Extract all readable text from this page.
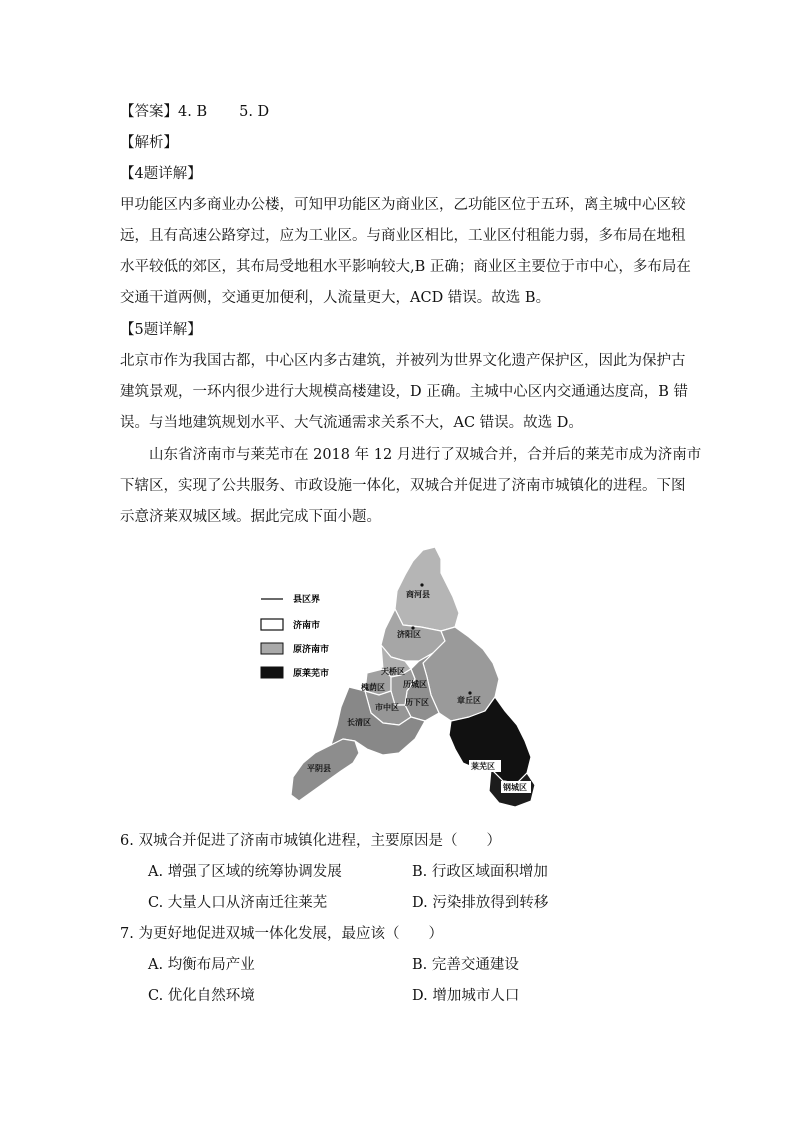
【答案】4. B 5. D
【解析】
【4题详解】
甲功能区内多商业办公楼，可知甲功能区为商业区，乙功能区位于五环，离主城中心区较
远，且有高速公路穿过，应为工业区。与商业区相比，工业区付租能力弱，多布局在地租
水平较低的郊区，其布局受地租水平影响较大,B 正确；商业区主要位于市中心，多布局在
交通干道两侧，交通更加便利，人流量更大，ACD 错误。故选 B。
【5题详解】
北京市作为我国古都，中心区内多古建筑，并被列为世界文化遗产保护区，因此为保护古
建筑景观，一环内很少进行大规模高楼建设，D 正确。主城中心区内交通通达度高，B 错
误。与当地建筑规划水平、大气流通需求关系不大，AC 错误。故选 D。
山东省济南市与莱芜市在 2018 年 12 月进行了双城合并，合并后的莱芜市成为济南市
下辖区，实现了公共服务、市政设施一体化，双城合并促进了济南市城镇化的进程。下图
示意济莱双城区域。据此完成下面小题。
县区界
济南市
原济南市
原莱芜市
商河县
济阳区
天桥区
槐荫区 历城区
历下区
市中区
长清区
章丘区
平阴县	莱芜区
钢城区
6. 双城合并促进了济南市城镇化进程，主要原因是（　　）
A. 增强了区域的统筹协调发展	B. 行政区域面积增加
C. 大量人口从济南迁往莱芜	D. 污染排放得到转移
7. 为更好地促进双城一体化发展，最应该（　　）
A. 均衡布局产业	B. 完善交通建设
C. 优化自然环境	D. 增加城市人口
